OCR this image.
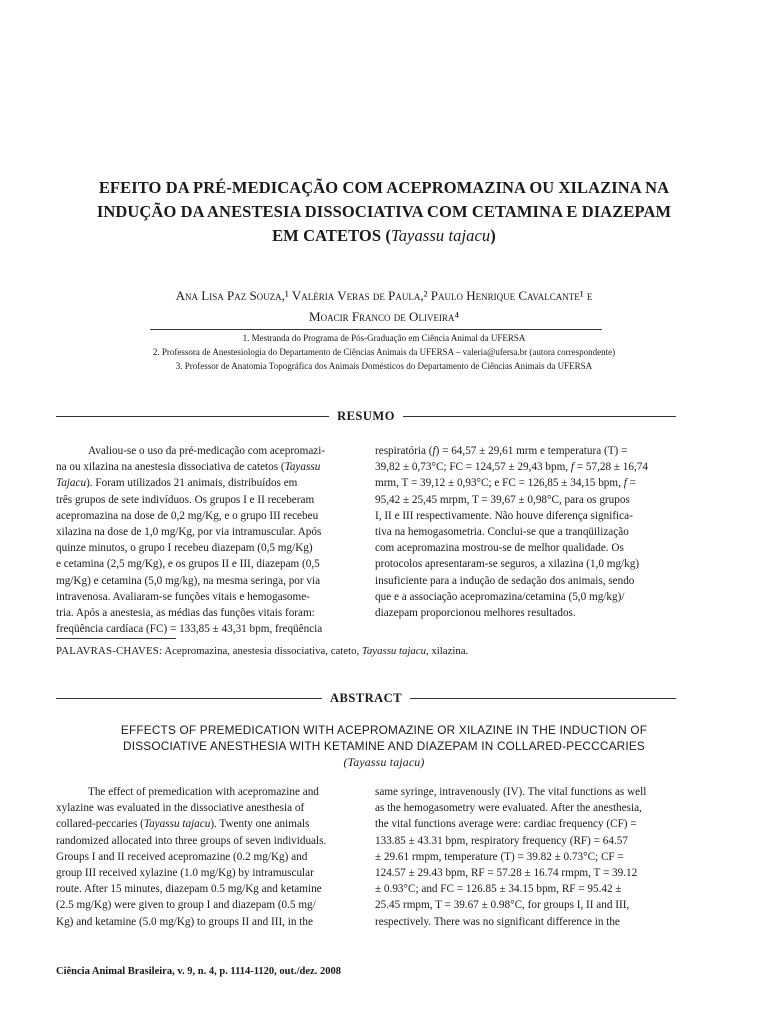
EFEITO DA PRÉ-MEDICAÇÃO COM ACEPROMAZINA OU XILAZINA NA
INDUÇÃO DA ANESTESIA DISSOCIATIVA COM CETAMINA E DIAZEPAM
EM CATETOS (Tayassu tajacu)
Ana Lisa Paz Souza,¹ Valéria Veras de Paula,² Paulo Henrique Cavalcante¹ e
Moacir Franco de Oliveira⁴
1. Mestranda do Programa de Pós-Graduação em Ciência Animal da UFERSA
2. Professora de Anestesiologia do Departamento de Ciências Animais da UFERSA – valeria@ufersa.br (autora correspondente)
3. Professor de Anatomia Topográfica dos Animais Domésticos do Departamento de Ciências Animais da UFERSA
RESUMO
Avaliou-se o uso da pré-medicação com acepromazi-
na ou xilazina na anestesia dissociativa de catetos (Tayassu
Tajacu). Foram utilizados 21 animais, distribuídos em
três grupos de sete indivíduos. Os grupos I e II receberam
acepromazina na dose de 0,2 mg/Kg, e o grupo III recebeu
xilazina na dose de 1,0 mg/Kg, por via intramuscular. Após
quinze minutos, o grupo I recebeu diazepam (0,5 mg/Kg)
e cetamina (2,5 mg/Kg), e os grupos II e III, diazepam (0,5
mg/Kg) e cetamina (5,0 mg/kg), na mesma seringa, por via
intravenosa. Avaliaram-se funções vitais e hemogasome-
tria. Após a anestesia, as médias das funções vitais foram:
freqüência cardíaca (FC) = 133,85 ± 43,31 bpm, freqüência
respiratória (f) = 64,57 ± 29,61 mrm e temperatura (T) =
39,82 ± 0,73°C; FC = 124,57 ± 29,43 bpm, f = 57,28 ± 16,74
mrm, T = 39,12 ± 0,93°C; e FC = 126,85 ± 34,15 bpm, f =
95,42 ± 25,45 mrpm, T = 39,67 ± 0,98°C, para os grupos
I, II e III respectivamente. Não houve diferença significa-
tiva na hemogasometria. Conclui-se que a tranqüilização
com acepromazina mostrou-se de melhor qualidade. Os
protocolos apresentaram-se seguros, a xilazina (1,0 mg/kg)
insuficiente para a indução de sedação dos animais, sendo
que e a associação acepromazina/cetamina (5,0 mg/kg)/
diazepam proporcionou melhores resultados.
PALAVRAS-CHAVES: Acepromazina, anestesia dissociativa, cateto, Tayassu tajacu, xilazina.
ABSTRACT
EFFECTS OF PREMEDICATION WITH ACEPROMAZINE OR XILAZINE IN THE INDUCTION OF
DISSOCIATIVE ANESTHESIA WITH KETAMINE AND DIAZEPAM IN COLLARED-PECCCARIES
(Tayassu tajacu)
The effect of premedication with acepromazine and
xylazine was evaluated in the dissociative anesthesia of
collared-peccaries (Tayassu tajacu). Twenty one animals
randomized allocated into three groups of seven individuals.
Groups I and II received acepromazine (0.2 mg/Kg) and
group III received xylazine (1.0 mg/Kg) by intramuscular
route. After 15 minutes, diazepam 0.5 mg/Kg and ketamine
(2.5 mg/Kg) were given to group I and diazepam (0.5 mg/
Kg) and ketamine (5.0 mg/Kg) to groups II and III, in the
same syringe, intravenously (IV). The vital functions as well
as the hemogasometry were evaluated. After the anesthesia,
the vital functions average were: cardiac frequency (CF) =
133.85 ± 43.31 bpm, respiratory frequency (RF) = 64.57
± 29.61 rmpm, temperature (T) = 39.82 ± 0.73°C; CF =
124.57 ± 29.43 bpm, RF = 57.28 ± 16.74 rmpm, T = 39.12
± 0.93°C; and FC = 126.85 ± 34.15 bpm, RF = 95.42 ±
25.45 rmpm, T = 39.67 ± 0.98°C, for groups I, II and III,
respectively. There was no significant difference in the
Ciência Animal Brasileira, v. 9, n. 4, p. 1114-1120, out./dez. 2008
